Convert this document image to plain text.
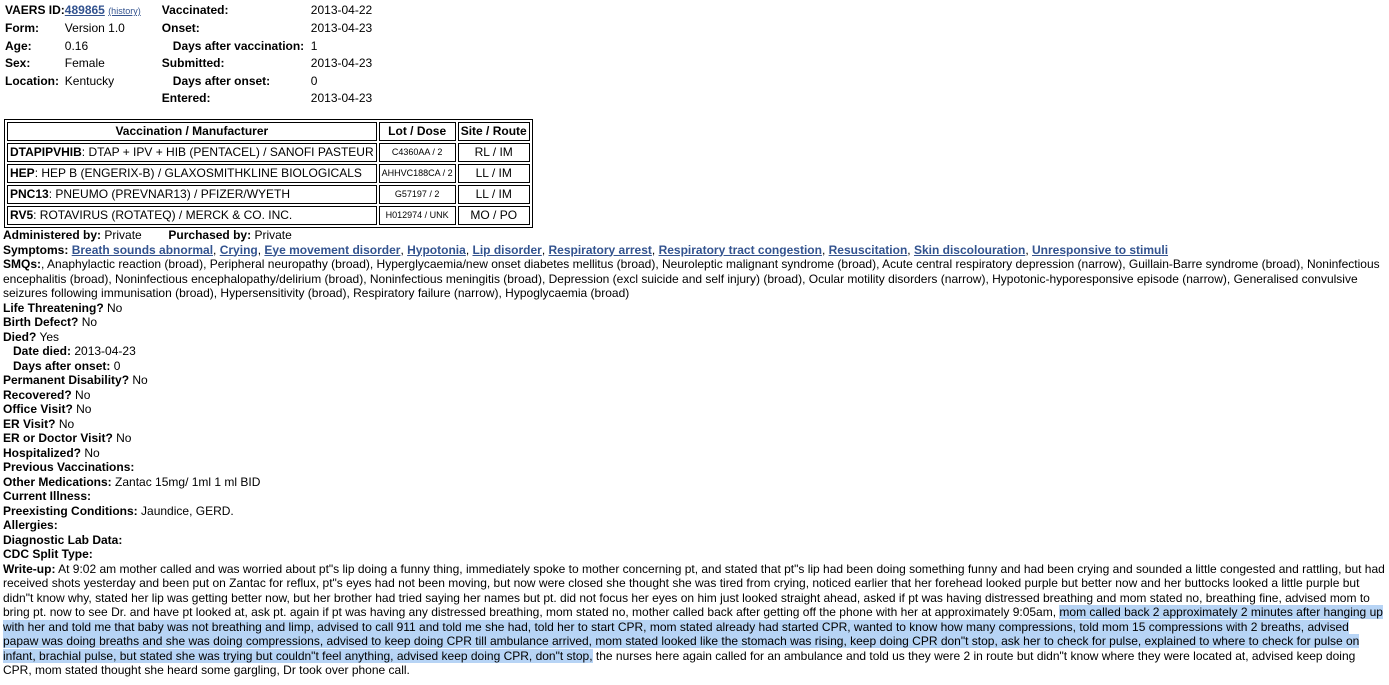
VAERS ID:	489865 (history)	Vaccinated:	2013-04-22
Form:	Version 1.0	Onset:	2013-04-23
Age:	0.16	Days after vaccination:	1
Sex:	Female	Submitted:	2013-04-23
Location:	Kentucky	Days after onset:	0
		Entered:	2013-04-23
Vaccination / Manufacturer	Lot / Dose	Site / Route
DTAPIPVHIB: DTAP + IPV + HIB (PENTACEL) / SANOFI PASTEUR	C4360AA / 2	RL / IM
HEP: HEP B (ENGERIX-B) / GLAXOSMITHKLINE BIOLOGICALS	AHHVC188CA / 2	LL / IM
PNC13: PNEUMO (PREVNAR13) / PFIZER/WYETH	G57197 / 2	LL / IM
RV5: ROTAVIRUS (ROTATEQ) / MERCK & CO. INC.	H012974 / UNK	MO / PO
Administered by: Private Purchased by: Private
Symptoms: Breath sounds abnormal, Crying, Eye movement disorder, Hypotonia, Lip disorder, Respiratory arrest, Respiratory tract congestion, Resuscitation, Skin discolouration, Unresponsive to stimuli
SMQs:, Anaphylactic reaction (broad), Peripheral neuropathy (broad), Hyperglycaemia/new onset diabetes mellitus (broad), Neuroleptic malignant syndrome (broad), Acute central respiratory depression (narrow), Guillain-Barre syndrome (broad), Noninfectious encephalitis (broad), Noninfectious encephalopathy/delirium (broad), Noninfectious meningitis (broad), Depression (excl suicide and self injury) (broad), Ocular motility disorders (narrow), Hypotonic-hyporesponsive episode (narrow), Generalised convulsive seizures following immunisation (broad), Hypersensitivity (broad), Respiratory failure (narrow), Hypoglycaemia (broad)
Life Threatening? No
Birth Defect? No
Died? Yes
Date died: 2013-04-23
Days after onset: 0
Permanent Disability? No
Recovered? No
Office Visit? No
ER Visit? No
ER or Doctor Visit? No
Hospitalized? No
Previous Vaccinations:
Other Medications: Zantac 15mg/ 1ml 1 ml BID
Current Illness:
Preexisting Conditions: Jaundice, GERD.
Allergies:
Diagnostic Lab Data:
CDC Split Type:
Write-up: At 9:02 am mother called and was worried about pt"s lip doing a funny thing, immediately spoke to mother concerning pt, and stated that pt"s lip had been doing something funny and had been crying and sounded a little congested and rattling, but had received shots yesterday and been put on Zantac for reflux, pt"s eyes had not been moving, but now were closed she thought she was tired from crying, noticed earlier that her forehead looked purple but better now and her buttocks looked a little purple but didn"t know why, stated her lip was getting better now, but her brother had tried saying her names but pt. did not focus her eyes on him just looked straight ahead, asked if pt was having distressed breathing and mom stated no, breathing fine, advised mom to bring pt. now to see Dr. and have pt looked at, ask pt. again if pt was having any distressed breathing, mom stated no, mother called back after getting off the phone with her at approximately 9:05am, mom called back 2 approximately 2 minutes after hanging up with her and told me that baby was not breathing and limp, advised to call 911 and told me she had, told her to start CPR, mom stated already had started CPR, wanted to know how many compressions, told mom 15 compressions with 2 breaths, advised papaw was doing breaths and she was doing compressions, advised to keep doing CPR till ambulance arrived, mom stated looked like the stomach was rising, keep doing CPR don"t stop, ask her to check for pulse, explained to where to check for pulse on infant, brachial pulse, but stated she was trying but couldn"t feel anything, advised keep doing CPR, don"t stop, the nurses here again called for an ambulance and told us they were 2 in route but didn"t know where they were located at, advised keep doing CPR, mom stated thought she heard some gargling, Dr took over phone call.
